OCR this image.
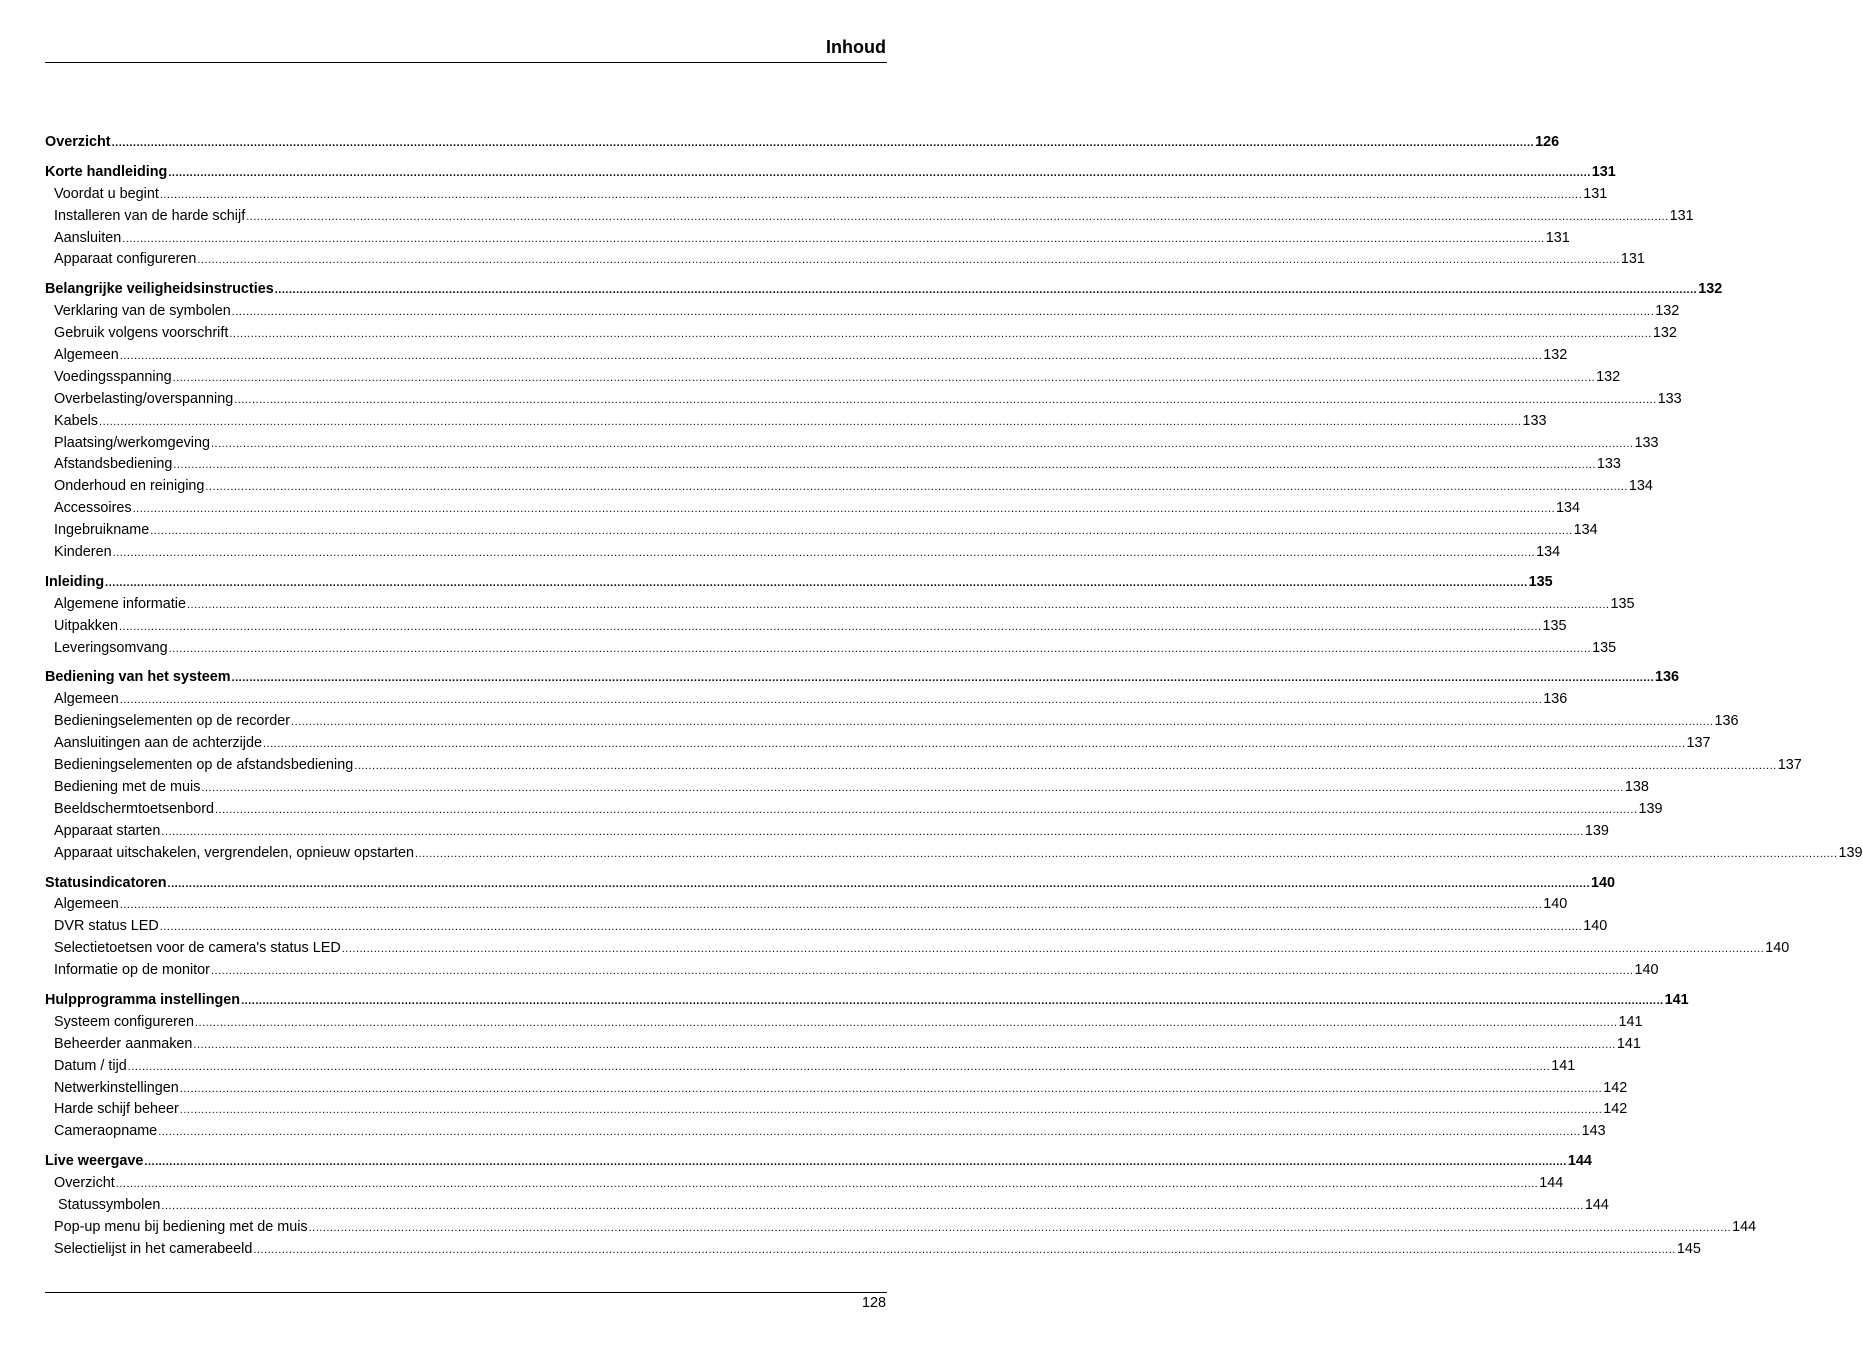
Inhoud
Overzicht ................................................................................................................................................................................................................................................................................................................................................................................................................ 126
Korte handleiding ................................................................................................................................................................................................................................................................................................................................................................................................................ 131
Voordat u begint ................................................................................................................................................................................................................................................................................................................................................................................................................ 131
Installeren van de harde schijf ................................................................................................................................................................................................................................................................................................................................................................................................................ 131
Aansluiten ................................................................................................................................................................................................................................................................................................................................................................................................................ 131
Apparaat configureren ................................................................................................................................................................................................................................................................................................................................................................................................................ 131
Belangrijke veiligheidsinstructies ................................................................................................................................................................................................................................................................................................................................................................................................................ 132
Verklaring van de symbolen ................................................................................................................................................................................................................................................................................................................................................................................................................ 132
Gebruik volgens voorschrift ................................................................................................................................................................................................................................................................................................................................................................................................................ 132
Algemeen ................................................................................................................................................................................................................................................................................................................................................................................................................ 132
Voedingsspanning ................................................................................................................................................................................................................................................................................................................................................................................................................ 132
Overbelasting/overspanning ................................................................................................................................................................................................................................................................................................................................................................................................................ 133
Kabels ................................................................................................................................................................................................................................................................................................................................................................................................................ 133
Plaatsing/werkomgeving ................................................................................................................................................................................................................................................................................................................................................................................................................ 133
Afstandsbediening ................................................................................................................................................................................................................................................................................................................................................................................................................ 133
Onderhoud en reiniging ................................................................................................................................................................................................................................................................................................................................................................................................................ 134
Accessoires ................................................................................................................................................................................................................................................................................................................................................................................................................ 134
Ingebruikname ................................................................................................................................................................................................................................................................................................................................................................................................................ 134
Kinderen ................................................................................................................................................................................................................................................................................................................................................................................................................ 134
Inleiding ................................................................................................................................................................................................................................................................................................................................................................................................................ 135
Algemene informatie ................................................................................................................................................................................................................................................................................................................................................................................................................ 135
Uitpakken ................................................................................................................................................................................................................................................................................................................................................................................................................ 135
Leveringsomvang ................................................................................................................................................................................................................................................................................................................................................................................................................ 135
Bediening van het systeem ................................................................................................................................................................................................................................................................................................................................................................................................................ 136
Algemeen ................................................................................................................................................................................................................................................................................................................................................................................................................ 136
Bedieningselementen op de recorder ................................................................................................................................................................................................................................................................................................................................................................................................................ 136
Aansluitingen aan de achterzijde ................................................................................................................................................................................................................................................................................................................................................................................................................ 137
Bedieningselementen op de afstandsbediening ................................................................................................................................................................................................................................................................................................................................................................................................................ 137
Bediening met de muis ................................................................................................................................................................................................................................................................................................................................................................................................................ 138
Beeldschermtoetsenbord ................................................................................................................................................................................................................................................................................................................................................................................................................ 139
Apparaat starten ................................................................................................................................................................................................................................................................................................................................................................................................................ 139
Apparaat uitschakelen, vergrendelen, opnieuw opstarten ................................................................................................................................................................................................................................................................................................................................................................................................................ 139
Statusindicatoren ................................................................................................................................................................................................................................................................................................................................................................................................................ 140
Algemeen ................................................................................................................................................................................................................................................................................................................................................................................................................ 140
DVR status LED ................................................................................................................................................................................................................................................................................................................................................................................................................ 140
Selectietoetsen voor de camera's status LED ................................................................................................................................................................................................................................................................................................................................................................................................................ 140
Informatie op de monitor ................................................................................................................................................................................................................................................................................................................................................................................................................ 140
Hulpprogramma instellingen ................................................................................................................................................................................................................................................................................................................................................................................................................ 141
Systeem configureren ................................................................................................................................................................................................................................................................................................................................................................................................................ 141
Beheerder aanmaken ................................................................................................................................................................................................................................................................................................................................................................................................................ 141
Datum / tijd ................................................................................................................................................................................................................................................................................................................................................................................................................ 141
Netwerkinstellingen ................................................................................................................................................................................................................................................................................................................................................................................................................ 142
Harde schijf beheer ................................................................................................................................................................................................................................................................................................................................................................................................................ 142
Cameraopname ................................................................................................................................................................................................................................................................................................................................................................................................................ 143
Live weergave ................................................................................................................................................................................................................................................................................................................................................................................................................ 144
Overzicht ................................................................................................................................................................................................................................................................................................................................................................................................................ 144
Statussymbolen ................................................................................................................................................................................................................................................................................................................................................................................................................ 144
Pop-up menu bij bediening met de muis ................................................................................................................................................................................................................................................................................................................................................................................................................ 144
Selectielijst in het camerabeeld ................................................................................................................................................................................................................................................................................................................................................................................................................ 145
128
